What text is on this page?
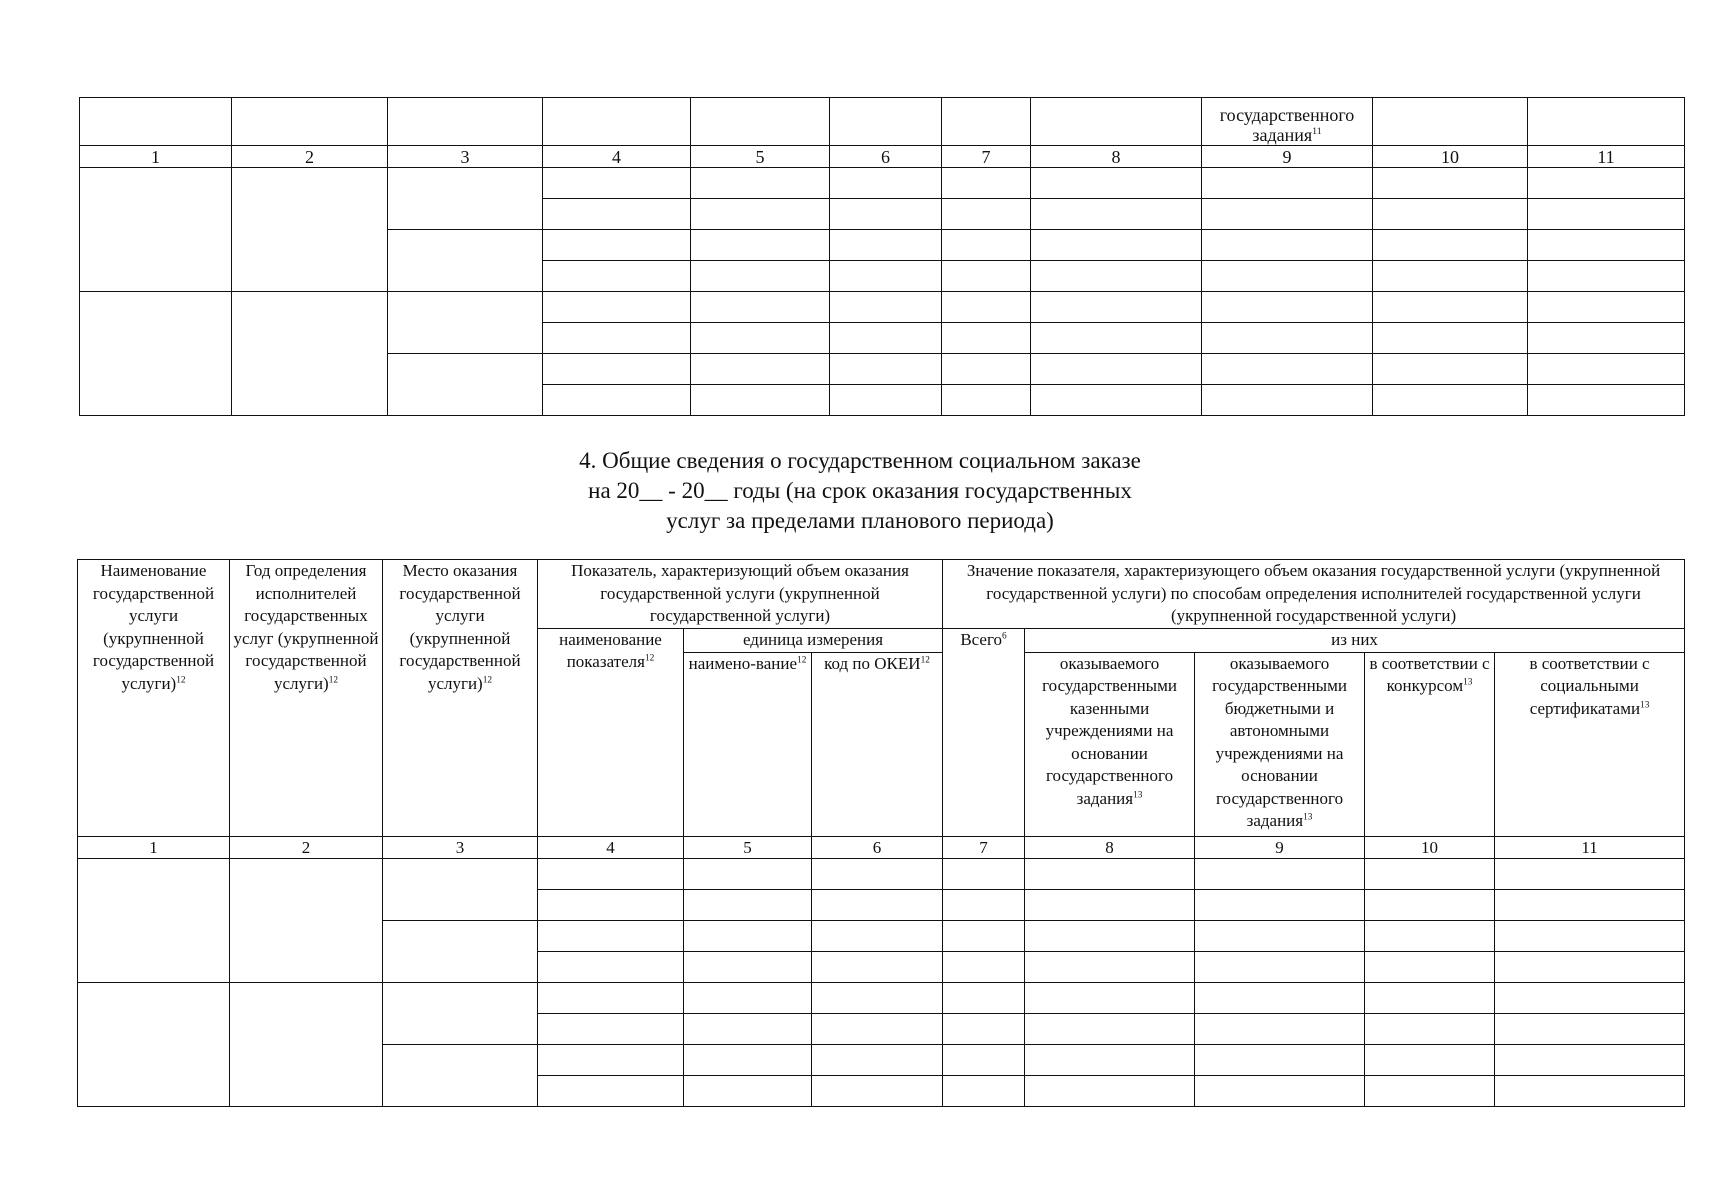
								государственного задания$^{11}$		
1	2	3	4	5	6	7	8	9	10	11

4. Общие сведения о государственном социальном заказе
на 20__ - 20__ годы (на срок оказания государственных
услуг за пределами планового периода)
Наименование государственной услуги (укрупненной государственной услуги)$^{12}$	Год определения исполнителей государственных услуг (укрупненной государственной услуги)$^{12}$	Место оказания государственной услуги (укрупненной государственной услуги)$^{12}$	Показатель, характеризующий объем оказания государственной услуги (укрупненной государственной услуги)			Значение показателя, характеризующего объем оказания государственной услуги (укрупненной государственной услуги) по способам определения исполнителей государственной услуги (укрупненной государственной услуги)				
			наименование показателя$^{12}$	единица измерения		Всего$^6$	из них			
				наимено-вание$^{12}$	код по ОКЕИ$^{12}$		оказываемого государственными казенными учреждениями на основании государственного задания$^{13}$	оказываемого государственными бюджетными и автономными учреждениями на основании государственного задания$^{13}$	в соответствии с конкурсом$^{13}$	в соответствии с социальными сертификатами$^{13}$
1	2	3	4	5	6	7	8	9	10	11
